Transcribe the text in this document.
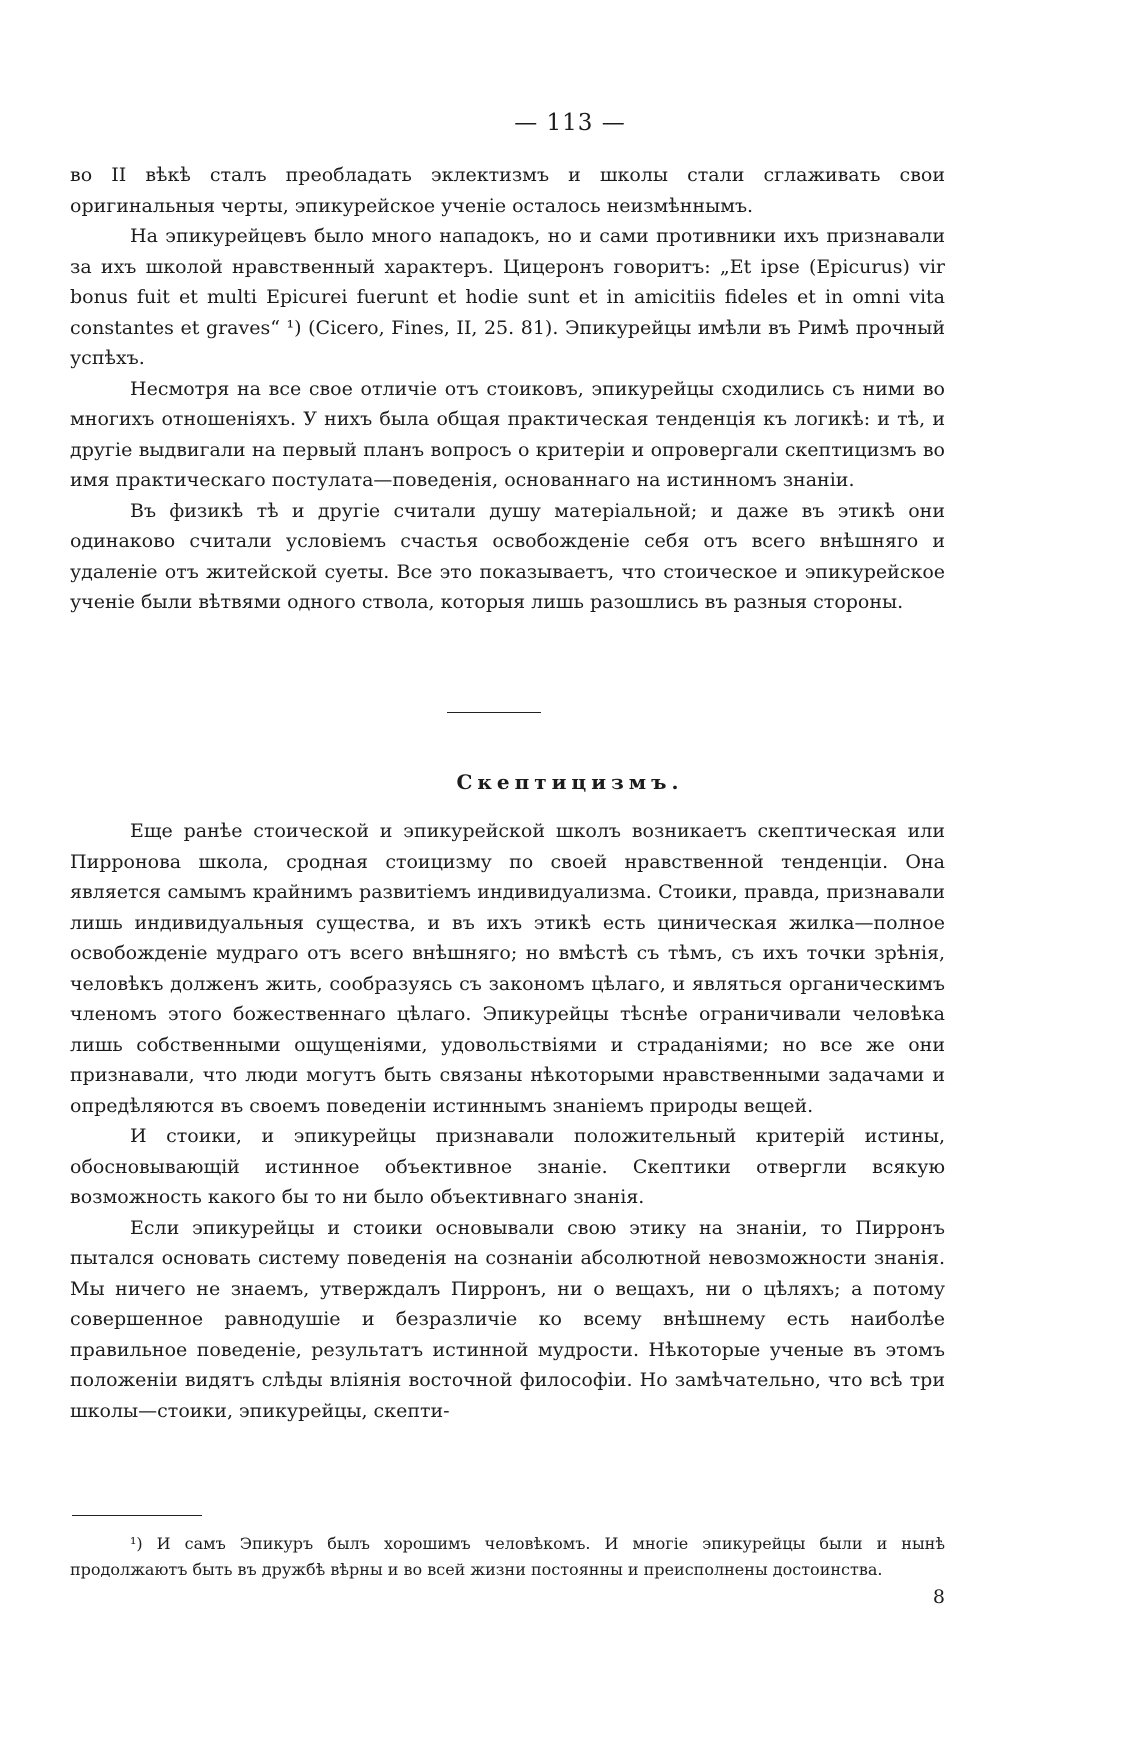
— 113 —

во II вѣкѣ сталъ преобладать эклектизмъ и школы стали сглаживать свои оригинальныя черты, эпикурейское ученіе осталось неизмѣннымъ.

На эпикурейцевъ было много нападокъ, но и сами противники ихъ признавали за ихъ школой нравственный характеръ. Цицеронъ говоритъ: „Et ipse (Epicurus) vir bonus fuit et multi Epicurei fuerunt et hodie sunt et in amicitiis fideles et in omni vita constantes et graves“ ¹) (Cicero, Fines, II, 25. 81). Эпикурейцы имѣли въ Римѣ прочный успѣхъ.

Несмотря на все свое отличіе отъ стоиковъ, эпикурейцы сходились съ ними во многихъ отношеніяхъ. У нихъ была общая практическая тенденція къ логикѣ: и тѣ, и другіе выдвигали на первый планъ вопросъ о критеріи и опровергали скептицизмъ во имя практическаго постулата—поведенія, основаннаго на истинномъ знаніи.

Въ физикѣ тѣ и другіе считали душу матеріальной; и даже въ этикѣ они одинаково считали условіемъ счастья освобожденіе себя отъ всего внѣшняго и удаленіе отъ житейской суеты. Все это показываетъ, что стоическое и эпикурейское ученіе были вѣтвями одного ствола, которыя лишь разошлись въ разныя стороны.

Скептицизмъ.

Еще ранѣе стоической и эпикурейской школъ возникаетъ скептическая или Пирронова школа, сродная стоицизму по своей нравственной тенденціи. Она является самымъ крайнимъ развитіемъ индивидуализма. Стоики, правда, признавали лишь индивидуальныя существа, и въ ихъ этикѣ есть циническая жилка—полное освобожденіе мудраго отъ всего внѣшняго; но вмѣстѣ съ тѣмъ, съ ихъ точки зрѣнія, человѣкъ долженъ жить, сообразуясь съ закономъ цѣлаго, и являться органическимъ членомъ этого божественнаго цѣлаго. Эпикурейцы тѣснѣе ограничивали человѣка лишь собственными ощущеніями, удовольствіями и страданіями; но все же они признавали, что люди могутъ быть связаны нѣкоторыми нравственными задачами и опредѣляются въ своемъ поведеніи истиннымъ знаніемъ природы вещей.

И стоики, и эпикурейцы признавали положительный критерій истины, обосновывающій истинное объективное знаніе. Скептики отвергли всякую возможность какого бы то ни было объективнаго знанія.

Если эпикурейцы и стоики основывали свою этику на знаніи, то Пирронъ пытался основать систему поведенія на сознаніи абсолютной невозможности знанія. Мы ничего не знаемъ, утверждалъ Пирронъ, ни о вещахъ, ни о цѣляхъ; а потому совершенное равнодушіе и безразличіе ко всему внѣшнему есть наиболѣе правильное поведеніе, результатъ истинной мудрости. Нѣкоторые ученые въ этомъ положеніи видятъ слѣды вліянія восточной философіи. Но замѣчательно, что всѣ три школы—стоики, эпикурейцы, скепти-

¹) И самъ Эпикуръ былъ хорошимъ человѣкомъ. И многіе эпикурейцы были и нынѣ продолжаютъ быть въ дружбѣ вѣрны и во всей жизни постоянны и преисполнены достоинства.

8
